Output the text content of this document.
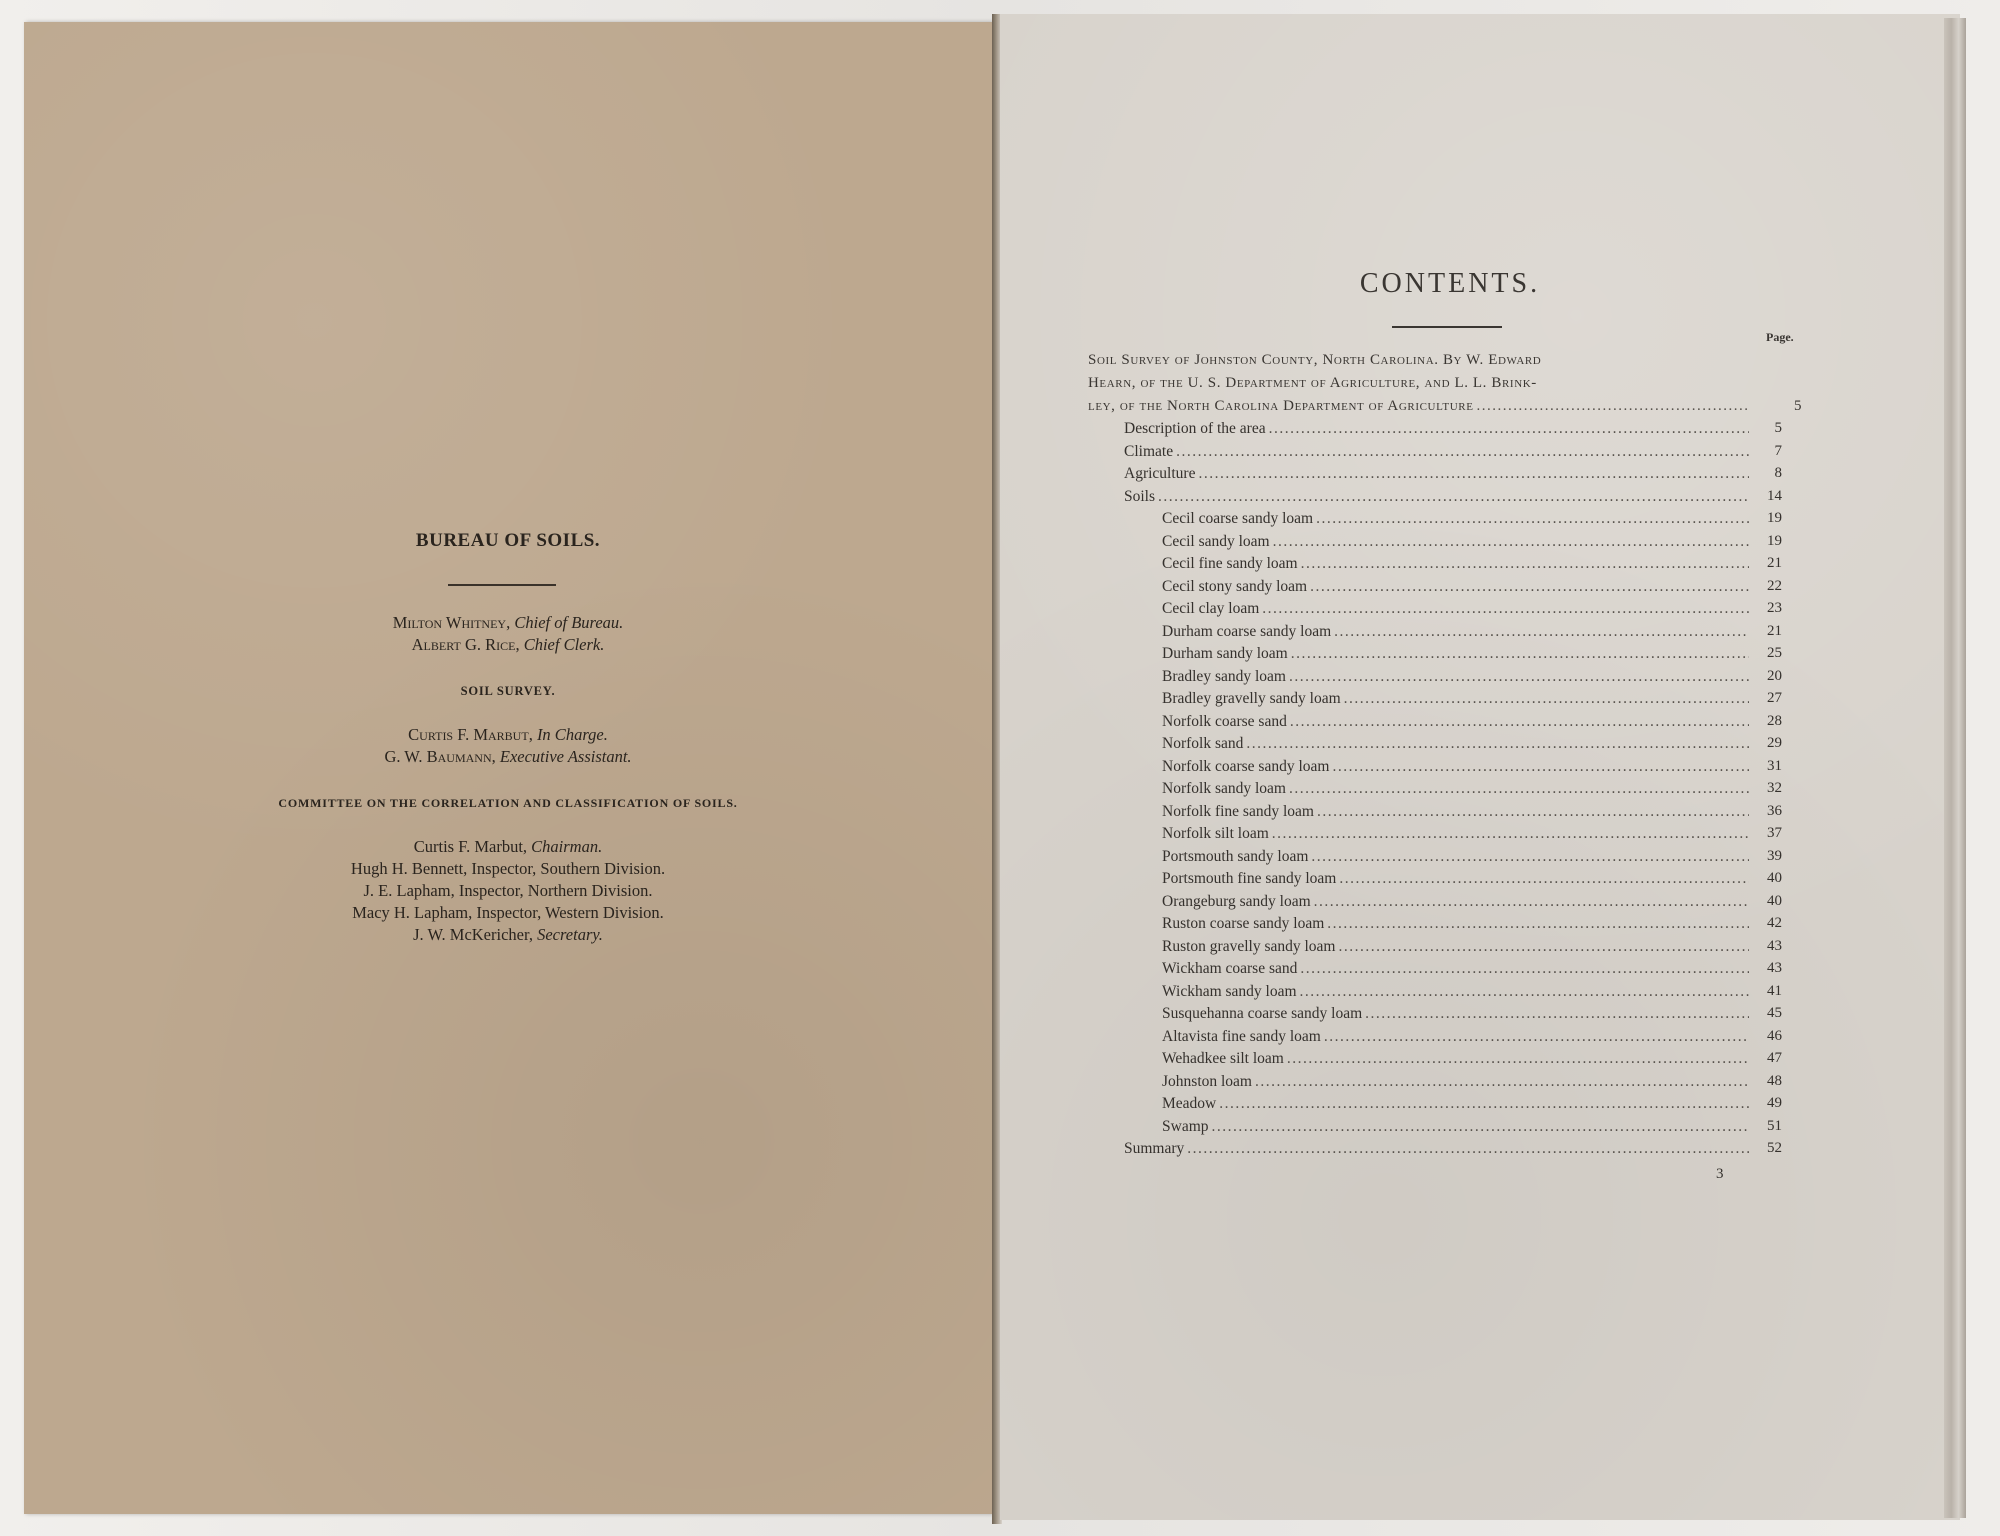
BUREAU OF SOILS.
Milton Whitney, Chief of Bureau.
Albert G. Rice, Chief Clerk.
SOIL SURVEY.
Curtis F. Marbut, In Charge.
G. W. Baumann, Executive Assistant.
COMMITTEE ON THE CORRELATION AND CLASSIFICATION OF SOILS.
Curtis F. Marbut, Chairman.
Hugh H. Bennett, Inspector, Southern Division.
J. E. Lapham, Inspector, Northern Division.
Macy H. Lapham, Inspector, Western Division.
J. W. McKericher, Secretary.
CONTENTS.
Page.
Soil Survey of Johnston County, North Carolina. By W. Edward
Hearn, of the U. S. Department of Agriculture, and L. L. Brink-
ley, of the North Carolina Department of Agriculture .....	5
Description of the area .....	5
Climate .....	7
Agriculture .....	8
Soils .....	14
Cecil coarse sandy loam .....	19
Cecil sandy loam .....	19
Cecil fine sandy loam .....	21
Cecil stony sandy loam .....	22
Cecil clay loam .....	23
Durham coarse sandy loam .....	21
Durham sandy loam .....	25
Bradley sandy loam .....	20
Bradley gravelly sandy loam .....	27
Norfolk coarse sand .....	28
Norfolk sand .....	29
Norfolk coarse sandy loam .....	31
Norfolk sandy loam .....	32
Norfolk fine sandy loam .....	36
Norfolk silt loam .....	37
Portsmouth sandy loam .....	39
Portsmouth fine sandy loam .....	40
Orangeburg sandy loam .....	40
Ruston coarse sandy loam .....	42
Ruston gravelly sandy loam .....	43
Wickham coarse sand .....	43
Wickham sandy loam .....	41
Susquehanna coarse sandy loam .....	45
Altavista fine sandy loam .....	46
Wehadkee silt loam .....	47
Johnston loam .....	48
Meadow .....	49
Swamp .....	51
Summary .....	52
3
